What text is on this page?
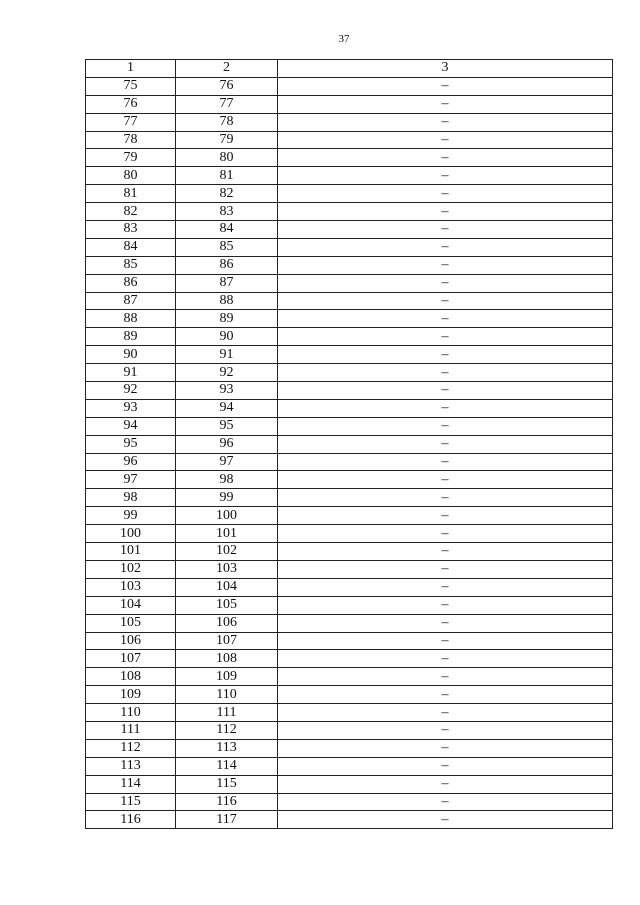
37
1	2	3
75	76	–
76	77	–
77	78	–
78	79	–
79	80	–
80	81	–
81	82	–
82	83	–
83	84	–
84	85	–
85	86	–
86	87	–
87	88	–
88	89	–
89	90	–
90	91	–
91	92	–
92	93	–
93	94	–
94	95	–
95	96	–
96	97	–
97	98	–
98	99	–
99	100	–
100	101	–
101	102	–
102	103	–
103	104	–
104	105	–
105	106	–
106	107	–
107	108	–
108	109	–
109	110	–
110	111	–
111	112	–
112	113	–
113	114	–
114	115	–
115	116	–
116	117	–
